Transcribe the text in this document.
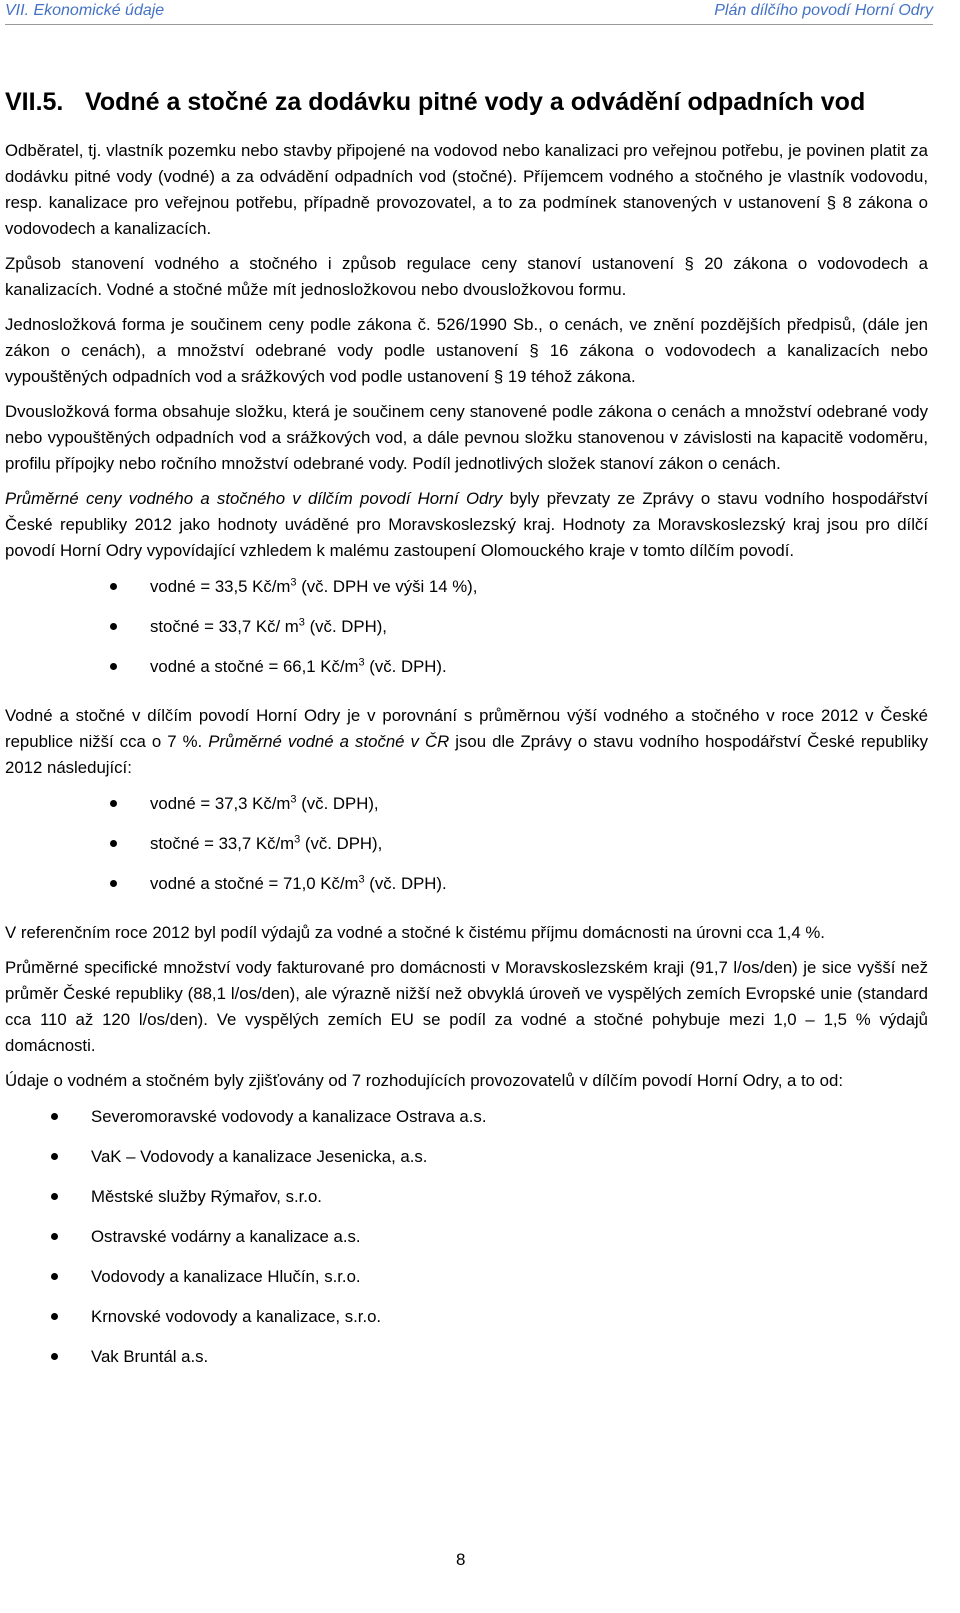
VII. Ekonomické údaje	Plán dílčího povodí Horní Odry
VII.5. Vodné a stočné za dodávku pitné vody a odvádění odpadních vod

Odběratel, tj. vlastník pozemku nebo stavby připojené na vodovod nebo kanalizaci pro veřejnou potřebu, je povinen platit za dodávku pitné vody (vodné) a za odvádění odpadních vod (stočné). Příjemcem vodného a stočného je vlastník vodovodu, resp. kanalizace pro veřejnou potřebu, případně provozovatel, a to za podmínek stanovených v ustanovení § 8 zákona o vodovodech a kanalizacích.

Způsob stanovení vodného a stočného i způsob regulace ceny stanoví ustanovení § 20 zákona o vodovodech a kanalizacích. Vodné a stočné může mít jednosložkovou nebo dvousložkovou formu.

Jednosložková forma je součinem ceny podle zákona č. 526/1990 Sb., o cenách, ve znění pozdějších předpisů, (dále jen zákon o cenách), a množství odebrané vody podle ustanovení § 16 zákona o vodovodech a kanalizacích nebo vypouštěných odpadních vod a srážkových vod podle ustanovení § 19 téhož zákona.

Dvousložková forma obsahuje složku, která je součinem ceny stanovené podle zákona o cenách a množství odebrané vody nebo vypouštěných odpadních vod a srážkových vod, a dále pevnou složku stanovenou v závislosti na kapacitě vodoměru, profilu přípojky nebo ročního množství odebrané vody. Podíl jednotlivých složek stanoví zákon o cenách.

Průměrné ceny vodného a stočného v dílčím povodí Horní Odry byly převzaty ze Zprávy o stavu vodního hospodářství České republiky 2012 jako hodnoty uváděné pro Moravskoslezský kraj. Hodnoty za Moravskoslezský kraj jsou pro dílčí povodí Horní Odry vypovídající vzhledem k malému zastoupení Olomouckého kraje v tomto dílčím povodí.

vodné = 33,5 $Kč/m^3$ (vč. DPH ve výši 14 %),
stočné = 33,7 Kč/ $m^3$ (vč. DPH),
vodné a stočné = 66,1 $Kč/m^3$ (vč. DPH).

Vodné a stočné v dílčím povodí Horní Odry je v porovnání s průměrnou výší vodného a stočného v roce 2012 v České republice nižší cca o 7 %. Průměrné vodné a stočné v ČR jsou dle Zprávy o stavu vodního hospodářství České republiky 2012 následující:

vodné = 37,3 $Kč/m^3$ (vč. DPH),
stočné = 33,7 $Kč/m^3$ (vč. DPH),
vodné a stočné = 71,0 $Kč/m^3$ (vč. DPH).

V referenčním roce 2012 byl podíl výdajů za vodné a stočné k čistému příjmu domácnosti na úrovni cca 1,4 %.

Průměrné specifické množství vody fakturované pro domácnosti v Moravskoslezském kraji (91,7 l/os/den) je sice vyšší než průměr České republiky (88,1 l/os/den), ale výrazně nižší než obvyklá úroveň ve vyspělých zemích Evropské unie (standard cca 110 až 120 l/os/den). Ve vyspělých zemích EU se podíl za vodné a stočné pohybuje mezi 1,0 – 1,5 % výdajů domácnosti.

Údaje o vodném a stočném byly zjišťovány od 7 rozhodujících provozovatelů v dílčím povodí Horní Odry, a to od:

Severomoravské vodovody a kanalizace Ostrava a.s.
VaK – Vodovody a kanalizace Jesenicka, a.s.
Městské služby Rýmařov, s.r.o.
Ostravské vodárny a kanalizace a.s.
Vodovody a kanalizace Hlučín, s.r.o.
Krnovské vodovody a kanalizace, s.r.o.
Vak Bruntál a.s.
8
